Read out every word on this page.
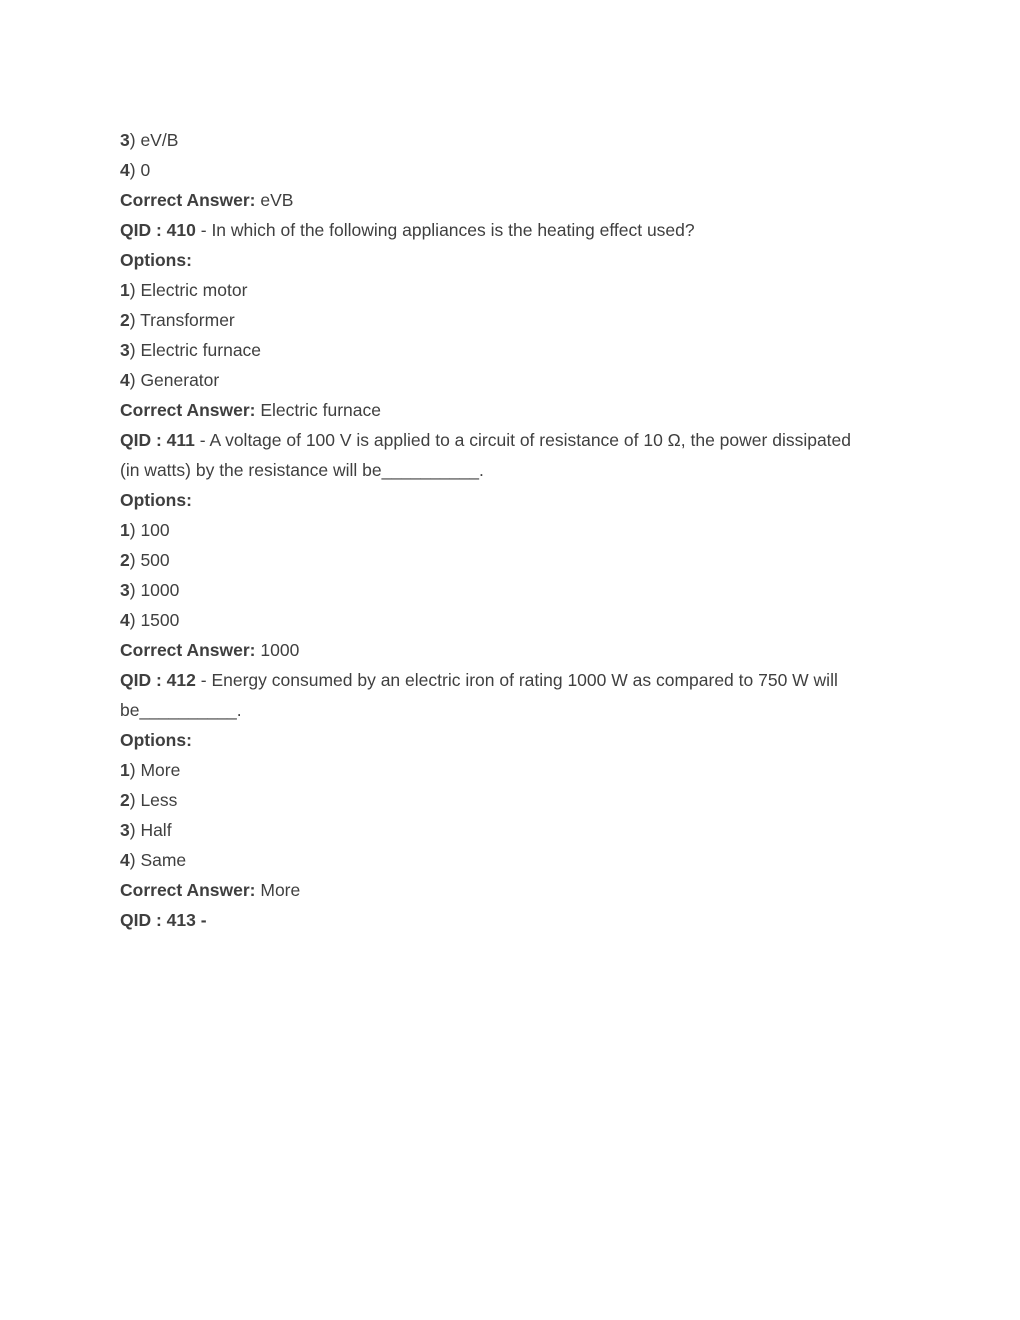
3) eV/B
4) 0
Correct Answer: eVB
QID : 410 - In which of the following appliances is the heating effect used?
Options:
1) Electric motor
2) Transformer
3) Electric furnace
4) Generator
Correct Answer: Electric furnace
QID : 411 - A voltage of 100 V is applied to a circuit of resistance of 10 Ω, the power dissipated
(in watts) by the resistance will be__________.
Options:
1) 100
2) 500
3) 1000
4) 1500
Correct Answer: 1000
QID : 412 - Energy consumed by an electric iron of rating 1000 W as compared to 750 W will
be__________.
Options:
1) More
2) Less
3) Half
4) Same
Correct Answer: More
QID : 413 -
